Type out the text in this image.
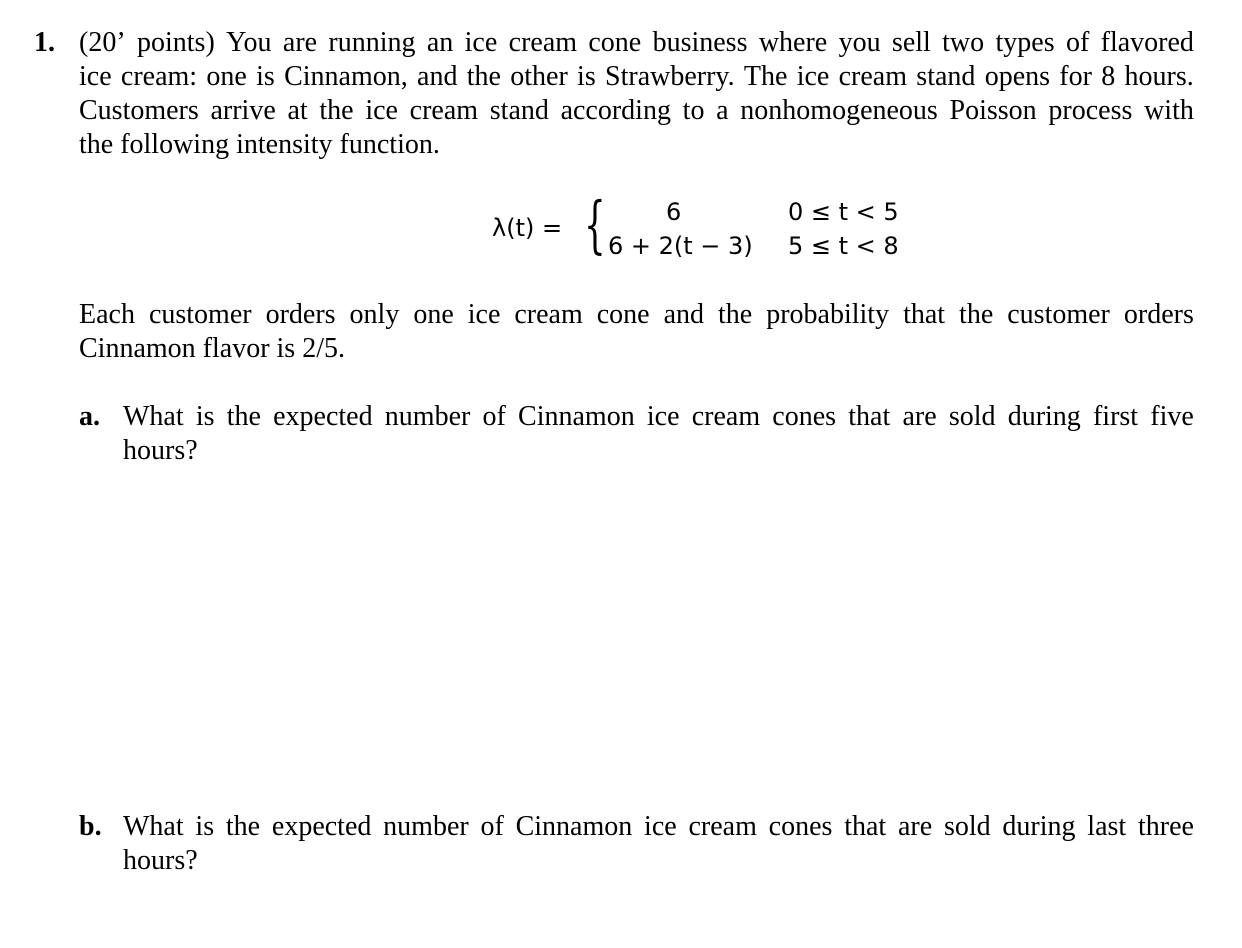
1. (20’ points) You are running an ice cream cone business where you sell two types of flavored
ice cream: one is Cinnamon, and the other is Strawberry. The ice cream stand opens for 8 hours.
Customers arrive at the ice cream stand according to a nonhomogeneous Poisson process with
the following intensity function.
λ(t) = {	6	0 ≤ t < 5
6 + 2(t − 3) 5 ≤ t < 8
Each customer orders only one ice cream cone and the probability that the customer orders
Cinnamon flavor is 2/5.
a. What is the expected number of Cinnamon ice cream cones that are sold during first five
hours?
b. What is the expected number of Cinnamon ice cream cones that are sold during last three
hours?
